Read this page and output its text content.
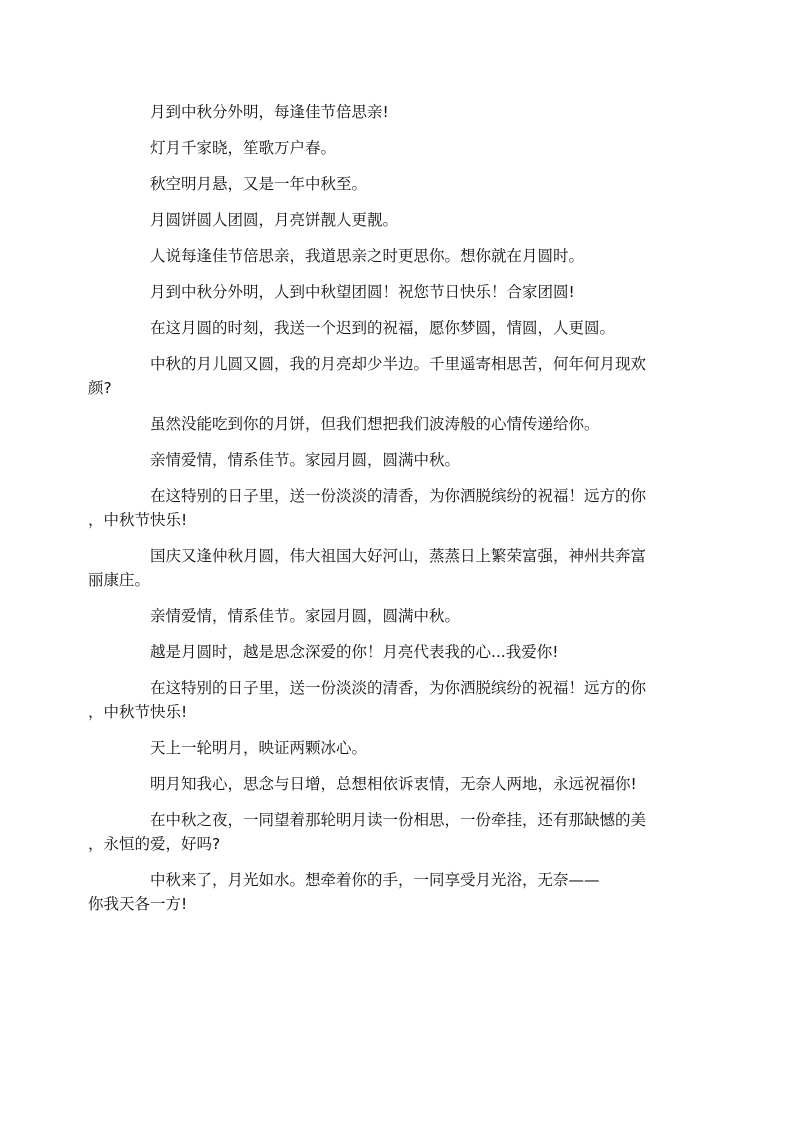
月到中秋分外明，每逢佳节倍思亲!

灯月千家晓，笙歌万户春。

秋空明月悬，又是一年中秋至。

月圆饼圆人团圆，月亮饼靓人更靓。

人说每逢佳节倍思亲，我道思亲之时更思你。想你就在月圆时。

月到中秋分外明，人到中秋望团圆！祝您节日快乐！合家团圆!

在这月圆的时刻，我送一个迟到的祝福，愿你梦圆，情圆，人更圆。

中秋的月儿圆又圆，我的月亮却少半边。千里遥寄相思苦，何年何月现欢
颜?

虽然没能吃到你的月饼，但我们想把我们波涛般的心情传递给你。

亲情爱情，情系佳节。家园月圆，圆满中秋。

在这特别的日子里，送一份淡淡的清香，为你洒脱缤纷的祝福！远方的你
，中秋节快乐!

国庆又逢仲秋月圆，伟大祖国大好河山，蒸蒸日上繁荣富强，神州共奔富
丽康庄。

亲情爱情，情系佳节。家园月圆，圆满中秋。

越是月圆时，越是思念深爱的你！月亮代表我的心...我爱你!

在这特别的日子里，送一份淡淡的清香，为你洒脱缤纷的祝福！远方的你
，中秋节快乐!

天上一轮明月，映证两颗冰心。

明月知我心，思念与日增，总想相依诉衷情，无奈人两地，永远祝福你!

在中秋之夜，一同望着那轮明月读一份相思，一份牵挂，还有那缺憾的美
，永恒的爱，好吗?

中秋来了，月光如水。想牵着你的手，一同享受月光浴，无奈——
你我天各一方!
